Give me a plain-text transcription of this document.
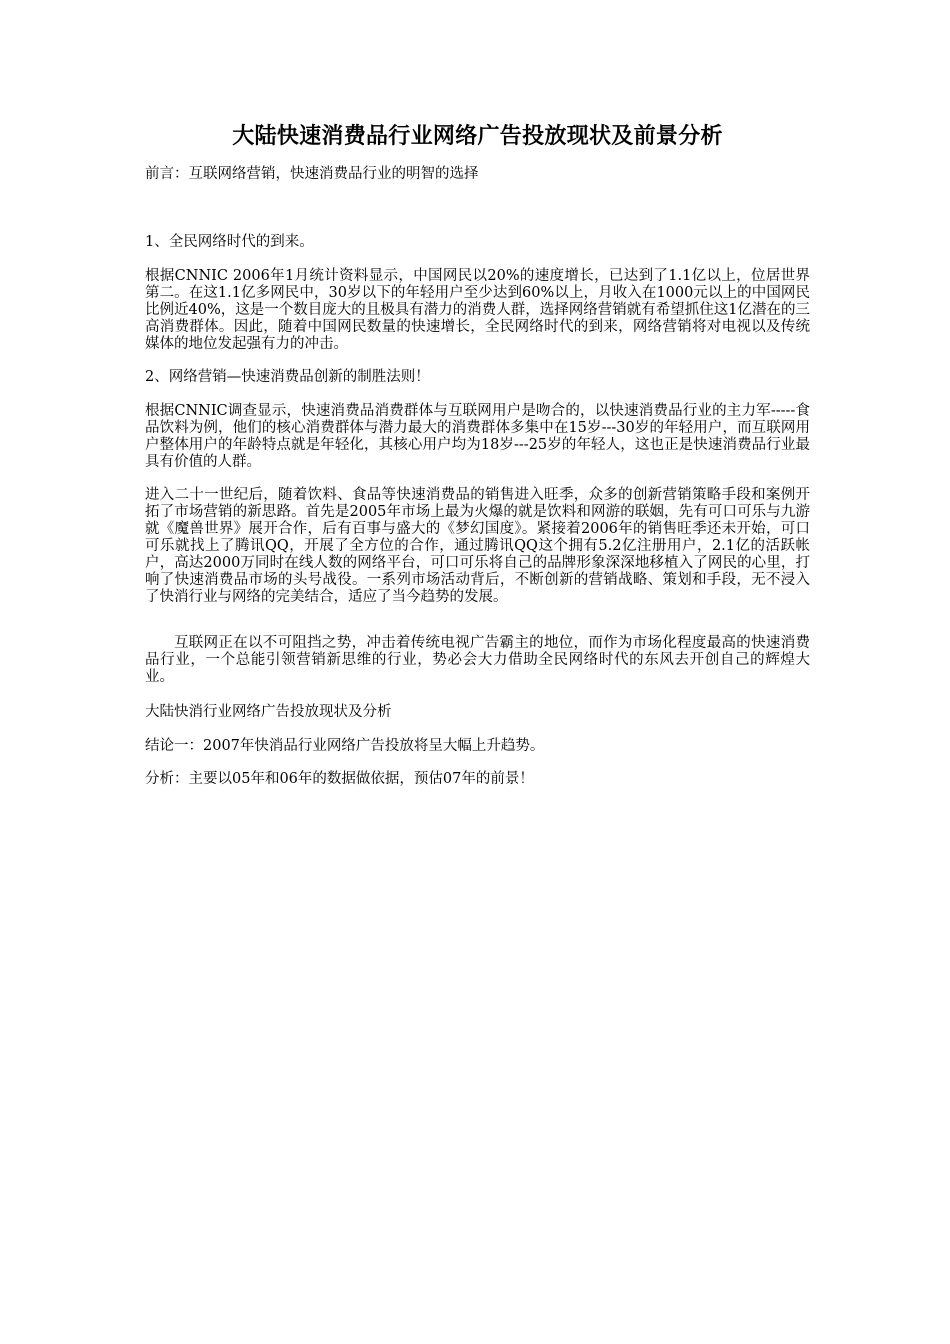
大陆快速消费品行业网络广告投放现状及前景分析

前言：互联网络营销，快速消费品行业的明智的选择

1、全民网络时代的到来。

根据CNNIC 2006年1月统计资料显示，中国网民以20%的速度增长，已达到了1.1亿以上，位居世界第二。在这1.1亿多网民中，30岁以下的年轻用户至少达到60%以上，月收入在1000元以上的中国网民比例近40%，这是一个数目庞大的且极具有潜力的消费人群，选择网络营销就有希望抓住这1亿潜在的三高消费群体。因此，随着中国网民数量的快速增长，全民网络时代的到来，网络营销将对电视以及传统媒体的地位发起强有力的冲击。

2、网络营销—快速消费品创新的制胜法则！

根据CNNIC调查显示，快速消费品消费群体与互联网用户是吻合的，以快速消费品行业的主力军-----食品饮料为例，他们的核心消费群体与潜力最大的消费群体多集中在15岁---30岁的年轻用户，而互联网用户整体用户的年龄特点就是年轻化，其核心用户均为18岁---25岁的年轻人，这也正是快速消费品行业最具有价值的人群。

进入二十一世纪后，随着饮料、食品等快速消费品的销售进入旺季，众多的创新营销策略手段和案例开拓了市场营销的新思路。首先是2005年市场上最为火爆的就是饮料和网游的联姻，先有可口可乐与九游就《魔兽世界》展开合作，后有百事与盛大的《梦幻国度》。紧接着2006年的销售旺季还未开始，可口可乐就找上了腾讯QQ，开展了全方位的合作，通过腾讯QQ这个拥有5.2亿注册用户，2.1亿的活跃帐户，高达2000万同时在线人数的网络平台，可口可乐将自己的品牌形象深深地移植入了网民的心里，打响了快速消费品市场的头号战役。一系列市场活动背后，不断创新的营销战略、策划和手段，无不浸入了快消行业与网络的完美结合，适应了当今趋势的发展。

互联网正在以不可阻挡之势，冲击着传统电视广告霸主的地位，而作为市场化程度最高的快速消费品行业，一个总能引领营销新思维的行业，势必会大力借助全民网络时代的东风去开创自己的辉煌大业。

大陆快消行业网络广告投放现状及分析

结论一：2007年快消品行业网络广告投放将呈大幅上升趋势。

分析：主要以05年和06年的数据做依据，预估07年的前景！
